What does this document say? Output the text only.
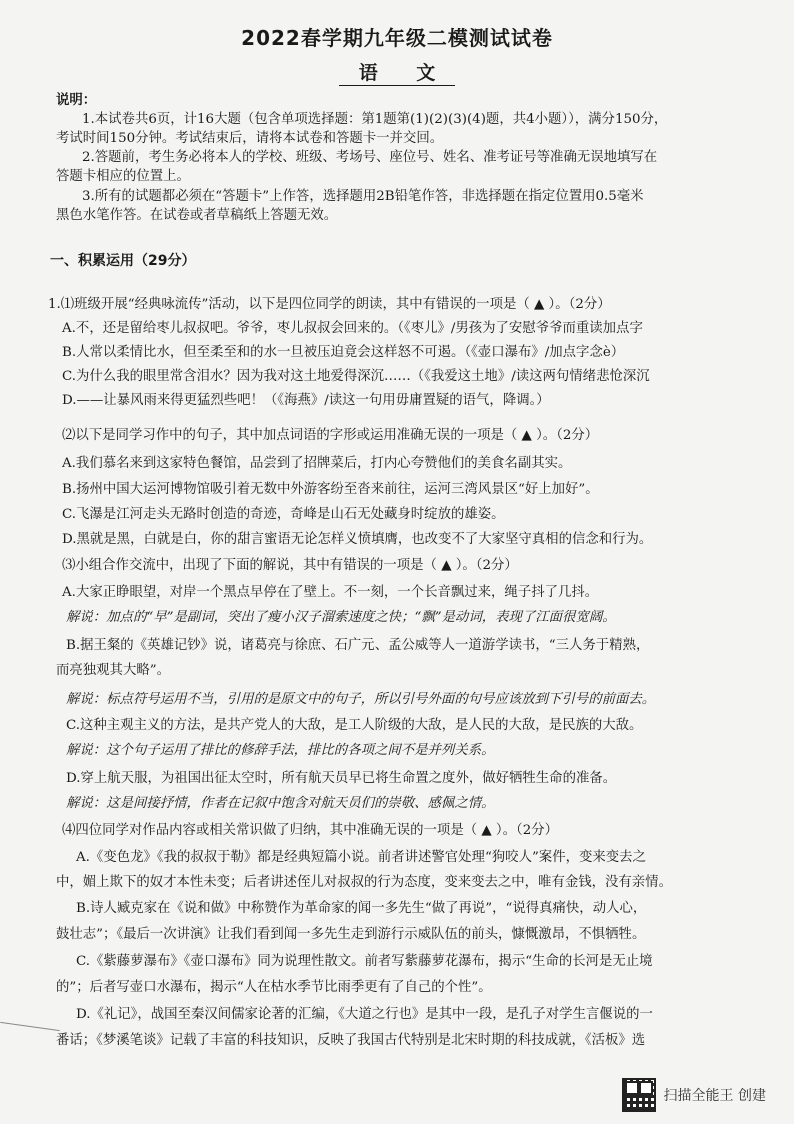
2022春学期九年级二模测试试卷
语 文
说明：
1.本试卷共6页，计16大题（包含单项选择题：第1题第(1)(2)(3)(4)题，共4小题）），满分150分，
考试时间150分钟。考试结束后，请将本试卷和答题卡一并交回。
2.答题前，考生务必将本人的学校、班级、考场号、座位号、姓名、准考证号等准确无误地填写在
答题卡相应的位置上。
3.所有的试题都必须在“答题卡”上作答，选择题用2B铅笔作答，非选择题在指定位置用0.5毫米
黑色水笔作答。在试卷或者草稿纸上答题无效。
一、积累运用（29分）
1.⑴班级开展“经典咏流传”活动，以下是四位同学的朗读，其中有错误的一项是（ ▲ ）。（2分）
A.不，还是留给枣儿叔叔吧。爷爷，枣儿叔叔会回来的。（《枣儿》/男孩为了安慰爷爷而重读加点字
B.人常以柔情比水，但至柔至和的水一旦被压迫竟会这样怒不可遏。（《壶口瀑布》/加点字念è）
C.为什么我的眼里常含泪水？因为我对这土地爱得深沉……（《我爱这土地》/读这两句情绪悲怆深沉
D.——让暴风雨来得更猛烈些吧！（《海燕》/读这一句用毋庸置疑的语气，降调。）
⑵以下是同学习作中的句子，其中加点词语的字形或运用准确无误的一项是（ ▲ ）。（2分）
A.我们慕名来到这家特色餐馆，品尝到了招牌菜后，打内心夸赞他们的美食名副其实。
B.扬州中国大运河博物馆吸引着无数中外游客纷至沓来前往，运河三湾风景区“好上加好”。
C.飞瀑是江河走头无路时创造的奇迹，奇峰是山石无处藏身时绽放的雄姿。
D.黑就是黑，白就是白，你的甜言蜜语无论怎样义愤填膺，也改变不了大家坚守真相的信念和行为。
⑶小组合作交流中，出现了下面的解说，其中有错误的一项是（ ▲ ）。（2分）
A.大家正睁眼望，对岸一个黑点早停在了壁上。不一刻，一个长音飘过来，绳子抖了几抖。
解说：加点的“早”是副词，突出了瘦小汉子溜索速度之快；“飘”是动词，表现了江面很宽阔。
B.据王粲的《英雄记钞》说，诸葛亮与徐庶、石广元、孟公威等人一道游学读书，“三人务于精熟，
而亮独观其大略”。
解说：标点符号运用不当，引用的是原文中的句子，所以引号外面的句号应该放到下引号的前面去。
C.这种主观主义的方法，是共产党人的大敌，是工人阶级的大敌，是人民的大敌，是民族的大敌。
解说：这个句子运用了排比的修辞手法，排比的各项之间不是并列关系。
D.穿上航天服，为祖国出征太空时，所有航天员早已将生命置之度外，做好牺牲生命的准备。
解说：这是间接抒情，作者在记叙中饱含对航天员们的崇敬、感佩之情。
⑷四位同学对作品内容或相关常识做了归纳，其中准确无误的一项是（ ▲ ）。（2分）
A.《变色龙》《我的叔叔于勒》都是经典短篇小说。前者讲述警官处理“狗咬人”案件，变来变去之
中，媚上欺下的奴才本性未变；后者讲述侄儿对叔叔的行为态度，变来变去之中，唯有金钱，没有亲情。
B.诗人臧克家在《说和做》中称赞作为革命家的闻一多先生“做了再说”，“说得真痛快，动人心，
鼓壮志”；《最后一次讲演》让我们看到闻一多先生走到游行示威队伍的前头，慷慨激昂，不惧牺牲。
C.《紫藤萝瀑布》《壶口瀑布》同为说理性散文。前者写紫藤萝花瀑布，揭示“生命的长河是无止境
的”；后者写壶口水瀑布，揭示“人在枯水季节比雨季更有了自己的个性”。
D.《礼记》，战国至秦汉间儒家论著的汇编，《大道之行也》是其中一段，是孔子对学生言偃说的一
番话；《梦溪笔谈》记载了丰富的科技知识，反映了我国古代特别是北宋时期的科技成就，《活板》选
扫描全能王 创建
